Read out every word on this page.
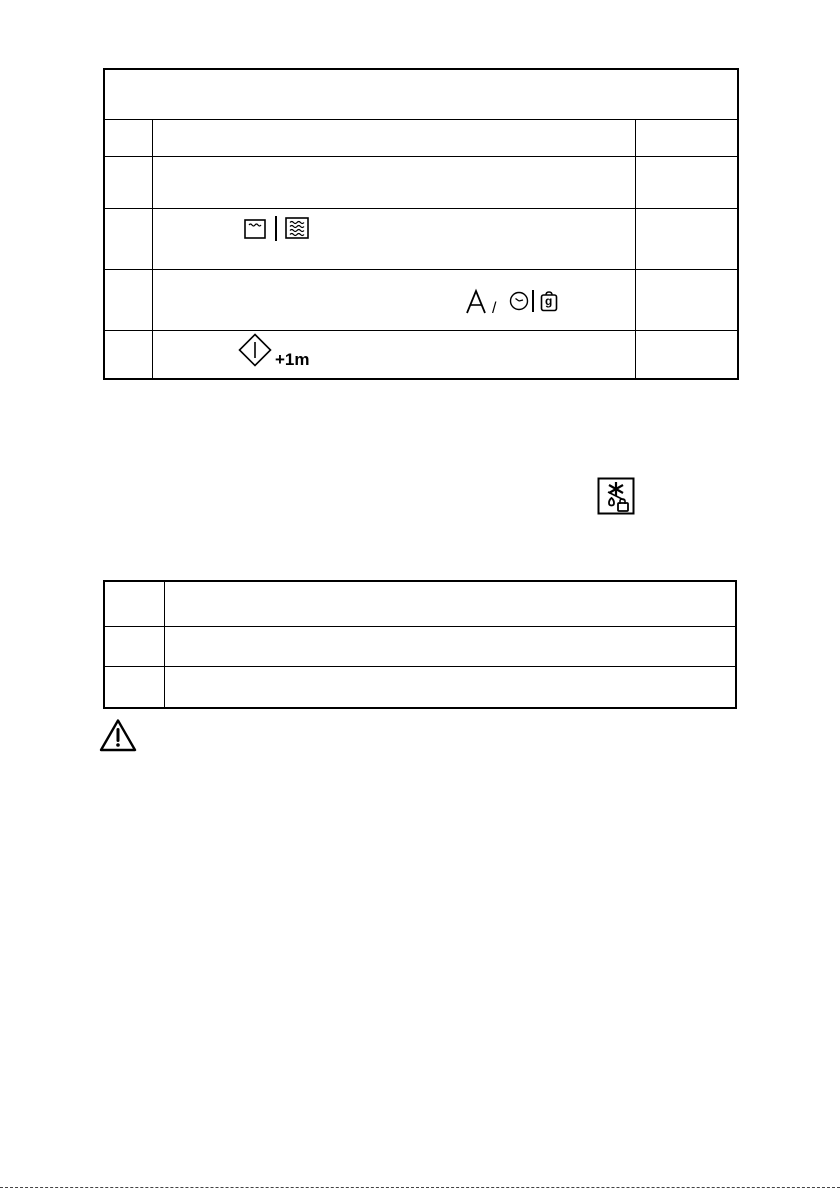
/	g
+1m
